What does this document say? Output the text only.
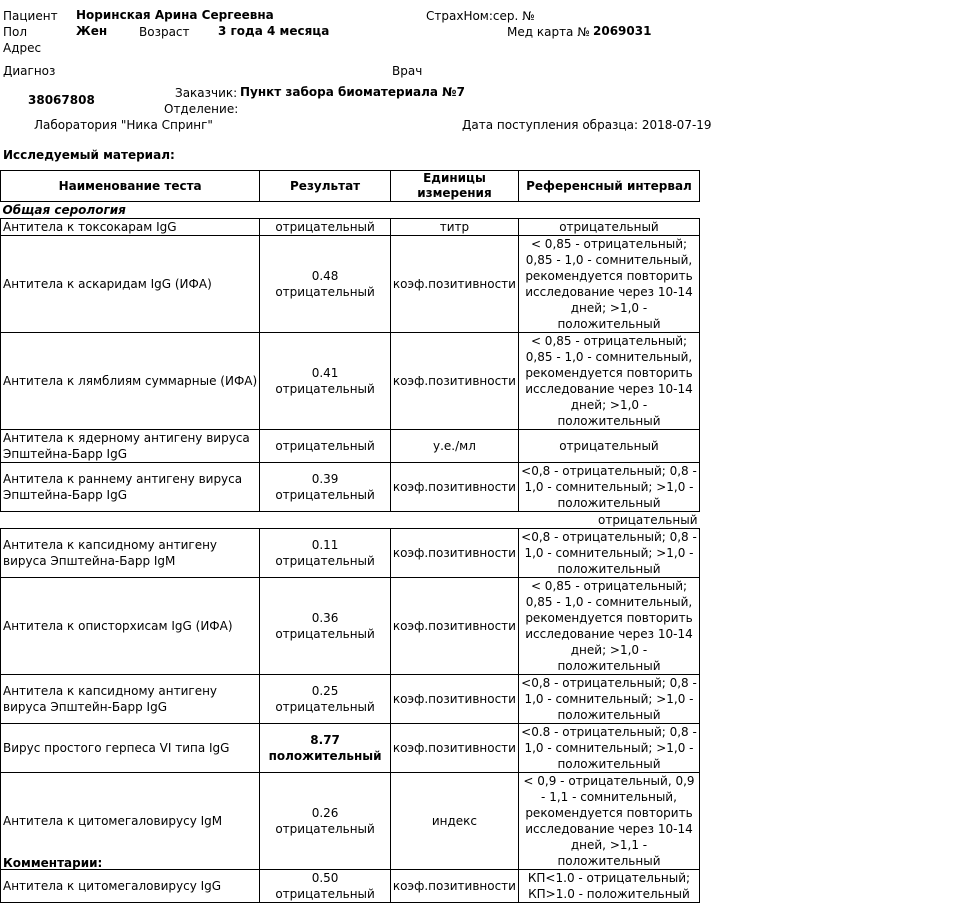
Пациент Норинская Арина Сергеевна	СтрахНом:сер. №
Пол	Жен	Возраст 3 года 4 месяца	Мед карта № 2069031
Адрес
Диагноз	Врач
38067808	Заказчик: Пункт забора биоматериала №7
Отделение:
Лаборатория "Ника Спринг"	Дата поступления образца: 2018-07-19
Исследуемый материал:
Наименование теста	Результат	Единицы измерения	Референсный интервал
Общая серология			
Антитела к токсокарам IgG	отрицательный	титр	отрицательный
Антитела к аскаридам IgG (ИФА)	0.48 отрицательный	коэф.позитивности	< 0,85 - отрицательный; 0,85 - 1,0 - сомнительный, рекомендуется повторить исследование через 10-14 дней; >1,0 - положительный
Антитела к лямблиям суммарные (ИФА)	0.41 отрицательный	коэф.позитивности	< 0,85 - отрицательный; 0,85 - 1,0 - сомнительный, рекомендуется повторить исследование через 10-14 дней; >1,0 - положительный
Антитела к ядерному антигену вируса Эпштейна-Барр IgG	отрицательный	у.е./мл	отрицательный
Антитела к раннему антигену вируса Эпштейна-Барр IgG	0.39 отрицательный	коэф.позитивности	<0,8 - отрицательный; 0,8 - 1,0 - сомнительный; >1,0 - положительный
			отрицательный
Антитела к капсидному антигену вируса Эпштейна-Барр IgM	0.11 отрицательный	коэф.позитивности	<0,8 - отрицательный; 0,8 - 1,0 - сомнительный; >1,0 - положительный
Антитела к описторхисам IgG (ИФА)	0.36 отрицательный	коэф.позитивности	< 0,85 - отрицательный; 0,85 - 1,0 - сомнительный, рекомендуется повторить исследование через 10-14 дней; >1,0 - положительный
Антитела к капсидному антигену вируса Эпштейн-Барр IgG	0.25 отрицательный	коэф.позитивности	<0,8 - отрицательный; 0,8 - 1,0 - сомнительный; >1,0 - положительный
Вирус простого герпеса VI типа IgG	8.77 положительный	коэф.позитивности	<0.8 - отрицательный; 0,8 - 1,0 - сомнительный; >1,0 - положительный
Антитела к цитомегаловирусу IgM	0.26 отрицательный	индекс	< 0,9 - отрицательный, 0,9 - 1,1 - сомнительный, рекомендуется повторить исследование через 10-14 дней, >1,1 - положительный
Антитела к цитомегаловирусу IgG	0.50 отрицательный	коэф.позитивности	КП<1.0 - отрицательный; КП>1.0 - положительный
Комментарии:
